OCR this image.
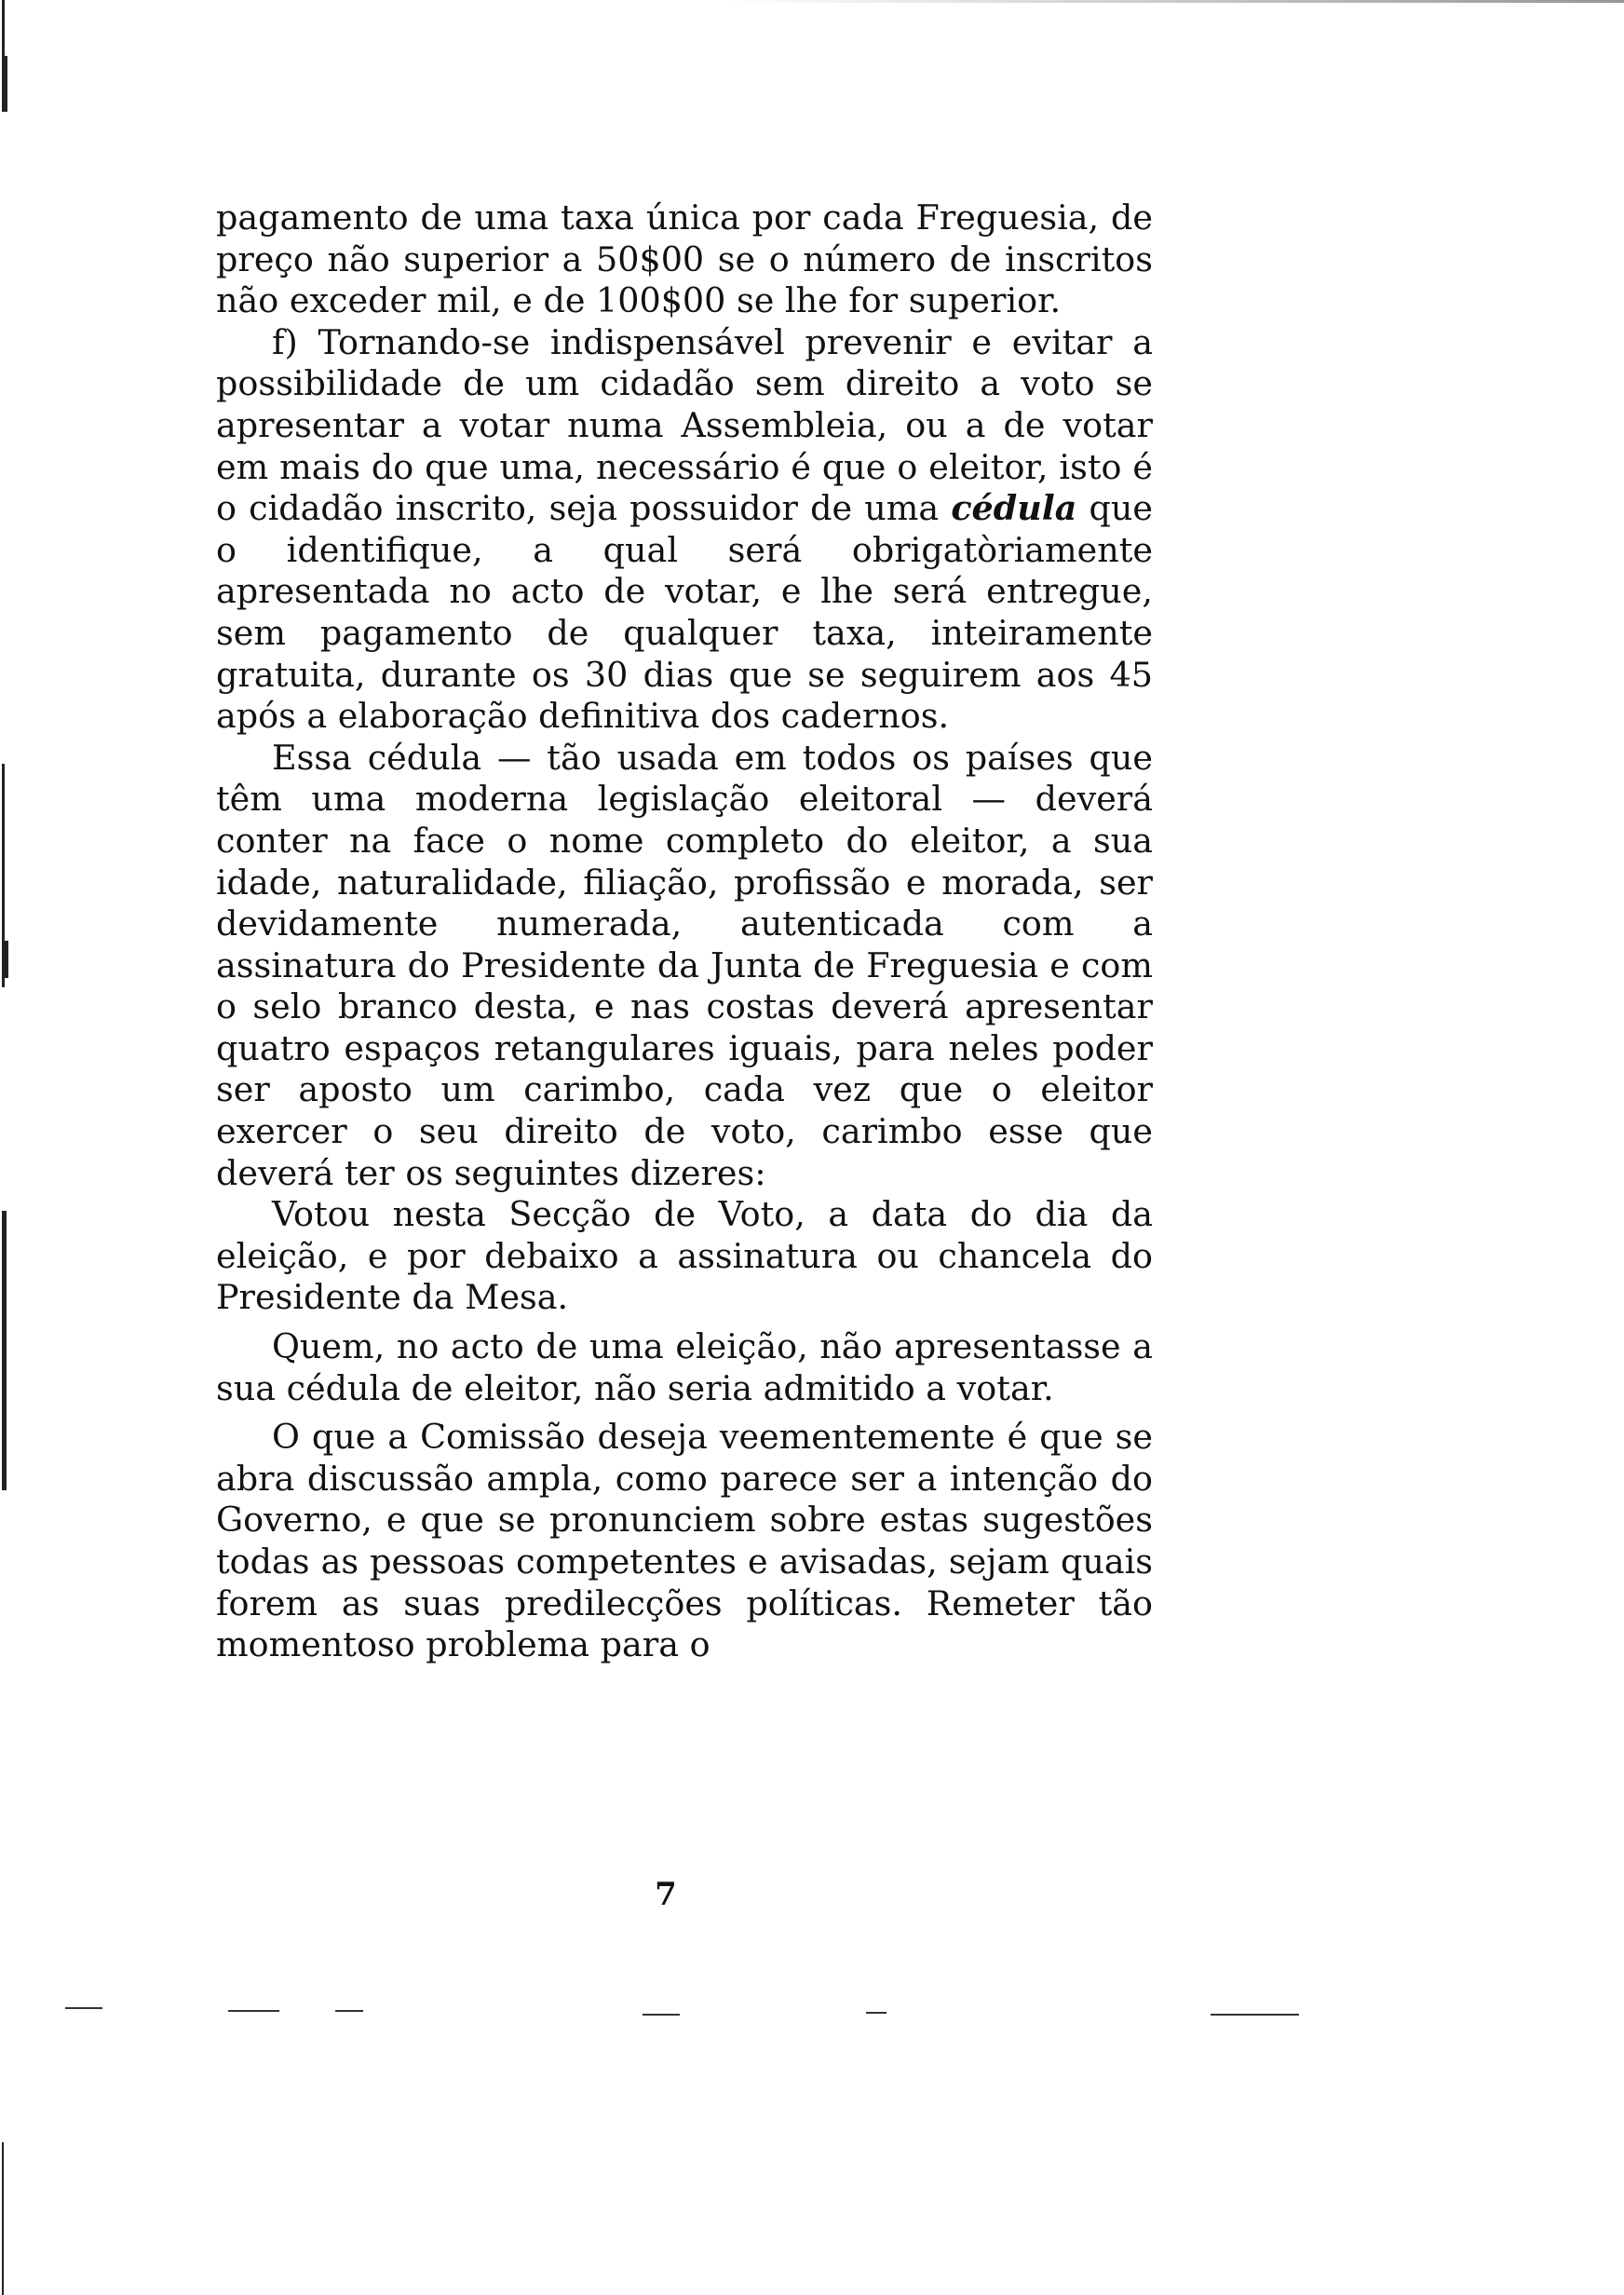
pagamento de uma taxa única por cada Freguesia, de preço não superior a 50$00 se o número de inscritos não exceder mil, e de 100$00 se lhe for superior.

f) Tornando-se indispensável prevenir e evitar a possibilidade de um cidadão sem direito a voto se apresentar a votar numa Assembleia, ou a de votar em mais do que uma, necessário é que o eleitor, isto é o cidadão inscrito, seja possuidor de uma cédula que o identifique, a qual será obrigatòriamente apresentada no acto de votar, e lhe será entregue, sem pagamento de qualquer taxa, inteiramente gratuita, durante os 30 dias que se seguirem aos 45 após a elaboração definitiva dos cadernos.

Essa cédula — tão usada em todos os países que têm uma moderna legislação eleitoral — deverá conter na face o nome completo do eleitor, a sua idade, naturalidade, filiação, profissão e morada, ser devidamente numerada, autenticada com a assinatura do Presidente da Junta de Freguesia e com o selo branco desta, e nas costas deverá apresentar quatro espaços retangulares iguais, para neles poder ser aposto um carimbo, cada vez que o eleitor exercer o seu direito de voto, carimbo esse que deverá ter os seguintes dizeres:

Votou nesta Secção de Voto, a data do dia da eleição, e por debaixo a assinatura ou chancela do Presidente da Mesa.

Quem, no acto de uma eleição, não apresentasse a sua cédula de eleitor, não seria admitido a votar.

O que a Comissão deseja veementemente é que se abra discussão ampla, como parece ser a intenção do Governo, e que se pronunciem sobre estas sugestões todas as pessoas competentes e avisadas, sejam quais forem as suas predilecções políticas. Remeter tão momentoso problema para o

7
